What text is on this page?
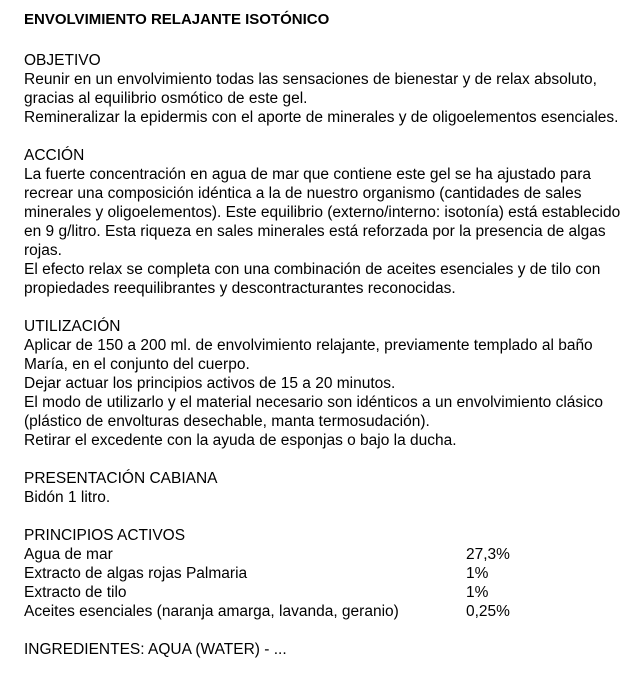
ENVOLVIMIENTO RELAJANTE ISOTÓNICO
OBJETIVO
Reunir en un envolvimiento todas las sensaciones de bienestar y de relax absoluto, gracias al equilibrio osmótico de este gel.
Remineralizar la epidermis con el aporte de minerales y de oligoelementos esenciales.
ACCIÓN
La fuerte concentración en agua de mar que contiene este gel se ha ajustado para recrear una composición idéntica a la de nuestro organismo (cantidades de sales minerales y oligoelementos). Este equilibrio (externo/interno: isotonía) está establecido en 9 g/litro. Esta riqueza en sales minerales está reforzada por la presencia de algas rojas.
El efecto relax se completa con una combinación de aceites esenciales y de tilo con propiedades reequilibrantes y descontracturantes reconocidas.
UTILIZACIÓN
Aplicar de 150 a 200 ml. de envolvimiento relajante, previamente templado al baño María, en el conjunto del cuerpo.
Dejar actuar los principios activos de 15 a 20 minutos.
El modo de utilizarlo y el material necesario son idénticos a un envolvimiento clásico (plástico de envolturas desechable, manta termosudación).
Retirar el excedente con la ayuda de esponjas o bajo la ducha.
PRESENTACIÓN CABIANA
Bidón 1 litro.
PRINCIPIOS ACTIVOS
Agua de mar	27,3%
Extracto de algas rojas Palmaria	1%
Extracto de tilo	1%
Aceites esenciales (naranja amarga, lavanda, geranio)	0,25%
INGREDIENTES: AQUA (WATER) - ...
